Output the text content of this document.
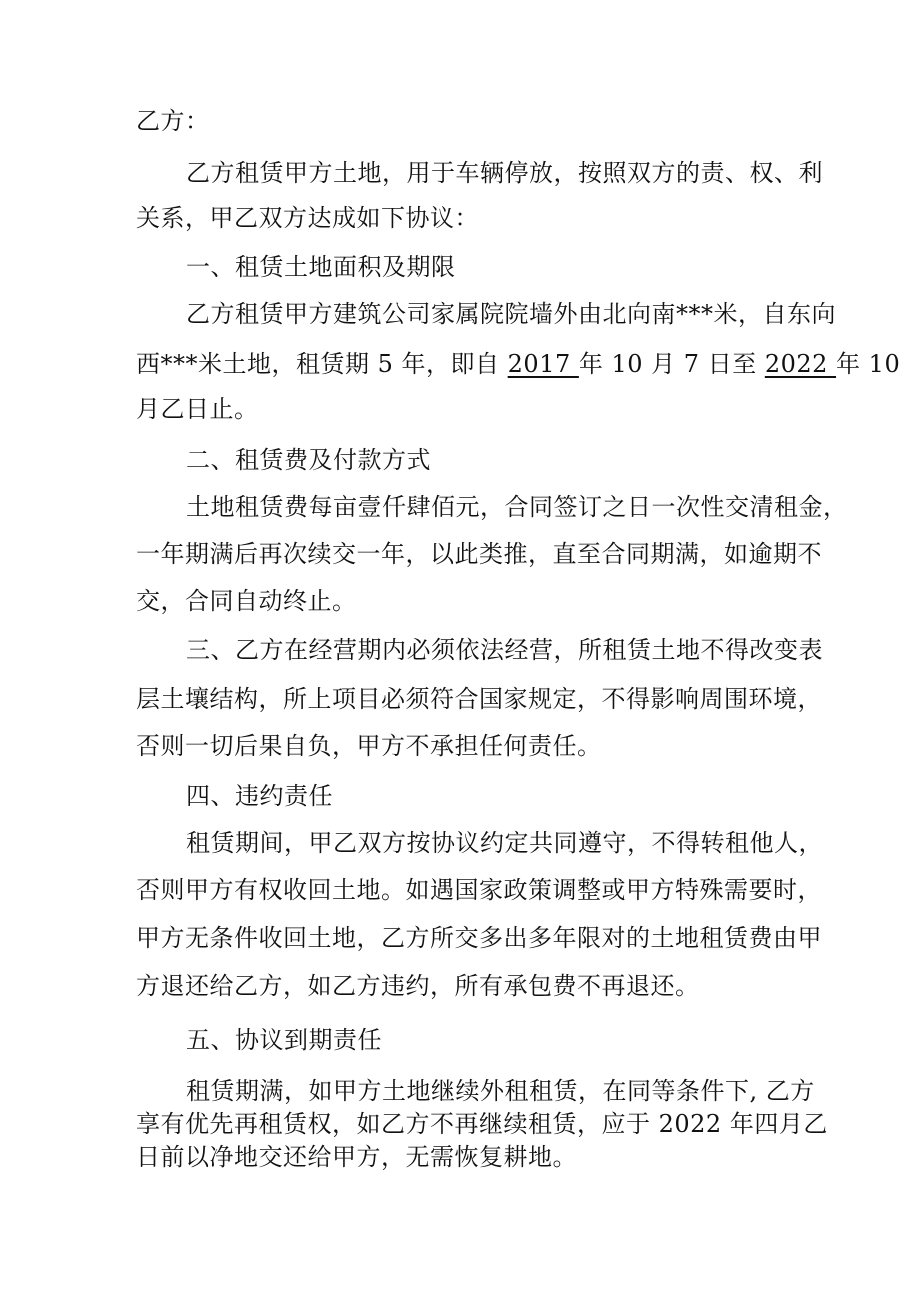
乙方：
乙方租赁甲方土地，用于车辆停放，按照双方的责、权、利
关系，甲乙双方达成如下协议：
一、租赁土地面积及期限
乙方租赁甲方建筑公司家属院院墙外由北向南***米，自东向
西***米土地，租赁期 5 年，即自 2017 年 10 月 7 日至 2022 年 10
月乙日止。
二、租赁费及付款方式
土地租赁费每亩壹仟肆佰元，合同签订之日一次性交清租金，
一年期满后再次续交一年，以此类推，直至合同期满，如逾期不
交，合同自动终止。
三、乙方在经营期内必须依法经营，所租赁土地不得改变表
层土壤结构，所上项目必须符合国家规定，不得影响周围环境，
否则一切后果自负，甲方不承担任何责任。
四、违约责任
租赁期间，甲乙双方按协议约定共同遵守，不得转租他人，
否则甲方有权收回土地。如遇国家政策调整或甲方特殊需要时，
甲方无条件收回土地，乙方所交多出多年限对的土地租赁费由甲
方退还给乙方，如乙方违约，所有承包费不再退还。
五、协议到期责任
租赁期满，如甲方土地继续外租租赁，在同等条件下, 乙方
享有优先再租赁权，如乙方不再继续租赁，应于 2022 年四月乙
日前以净地交还给甲方，无需恢复耕地。
